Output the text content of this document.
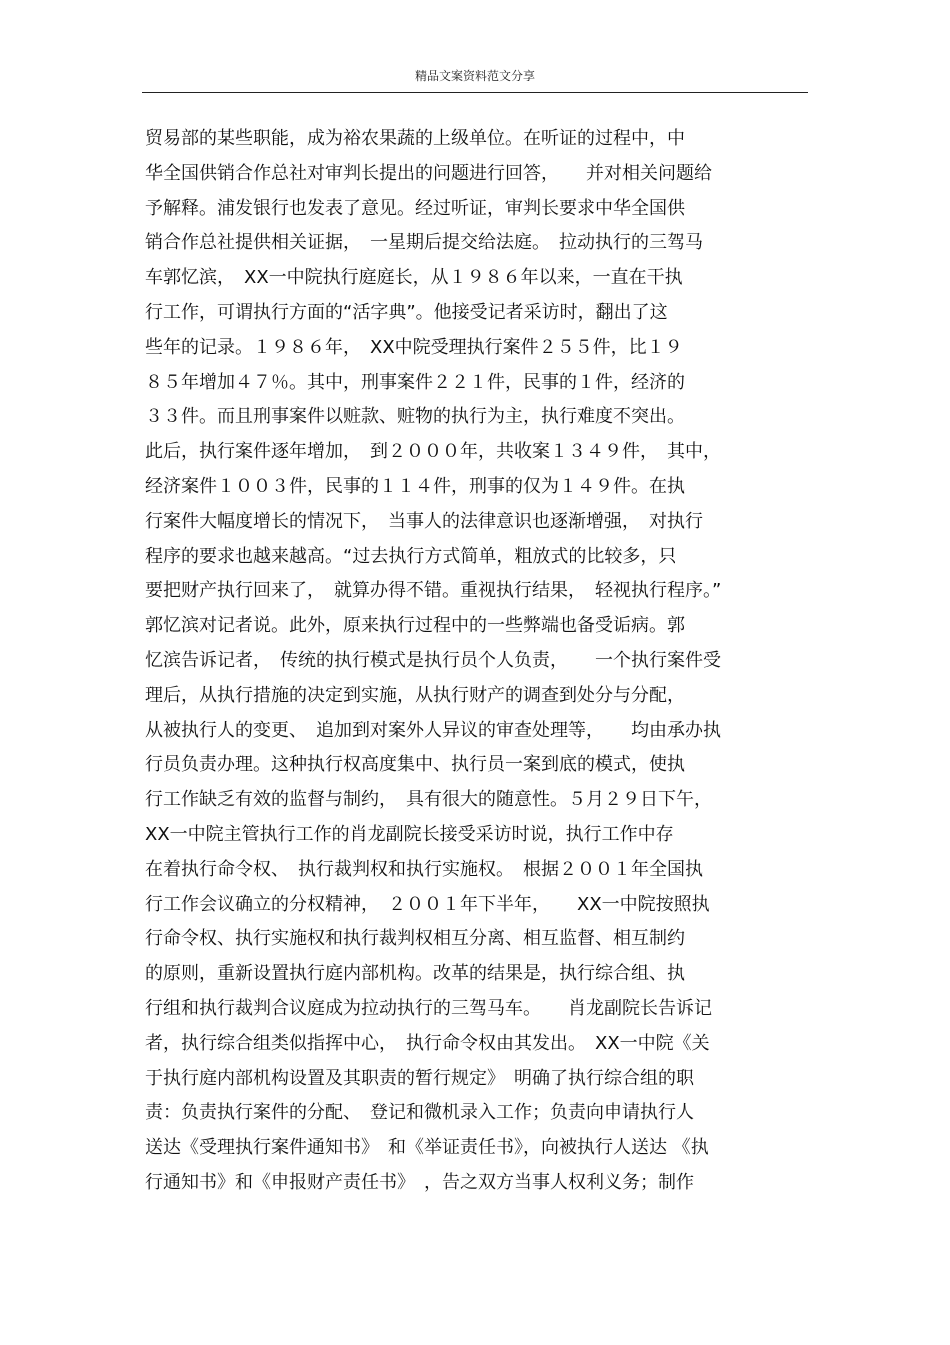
精品文案资料范文分享
贸易部的某些职能，成为裕农果蔬的上级单位。在听证的过程中，中
华全国供销合作总社对审判长提出的问题进行回答，　　并对相关问题给
予解释。浦发银行也发表了意见。经过听证，审判长要求中华全国供
销合作总社提供相关证据，　一星期后提交给法庭。　拉动执行的三驾马
车郭忆滨，　XX一中院执行庭庭长，从１９８６年以来，一直在干执
行工作，可谓执行方面的“活字典”。他接受记者采访时，翻出了这
些年的记录。１９８６年，　XX中院受理执行案件２５５件，比１９
８５年增加４７％。其中，刑事案件２２１件，民事的１件，经济的
３３件。而且刑事案件以赃款、赃物的执行为主，执行难度不突出。
此后，执行案件逐年增加，　到２０００年，共收案１３４９件，　其中，
经济案件１００３件，民事的１１４件，刑事的仅为１４９件。在执
行案件大幅度增长的情况下，　当事人的法律意识也逐渐增强，　对执行
程序的要求也越来越高。“过去执行方式简单，粗放式的比较多，只
要把财产执行回来了，　就算办得不错。重视执行结果，　轻视执行程序。”
郭忆滨对记者说。此外，原来执行过程中的一些弊端也备受诟病。郭
忆滨告诉记者，　传统的执行模式是执行员个人负责，　　一个执行案件受
理后，从执行措施的决定到实施，从执行财产的调查到处分与分配，
从被执行人的变更、　追加到对案外人异议的审查处理等，　　均由承办执
行员负责办理。这种执行权高度集中、执行员一案到底的模式，使执
行工作缺乏有效的监督与制约，　具有很大的随意性。５月２９日下午，
XX一中院主管执行工作的肖龙副院长接受采访时说，执行工作中存
在着执行命令权、　执行裁判权和执行实施权。　根据２００１年全国执
行工作会议确立的分权精神，　２００１年下半年，　　XX一中院按照执
行命令权、执行实施权和执行裁判权相互分离、相互监督、相互制约
的原则，重新设置执行庭内部机构。改革的结果是，执行综合组、执
行组和执行裁判合议庭成为拉动执行的三驾马车。　　肖龙副院长告诉记
者，执行综合组类似指挥中心，　执行命令权由其发出。　XX一中院《关
于执行庭内部机构设置及其职责的暂行规定》　明确了执行综合组的职
责：负责执行案件的分配、　登记和微机录入工作；负责向申请执行人
送达《受理执行案件通知书》　和《举证责任书》，向被执行人送达 《执
行通知书》和《申报财产责任书》　，告之双方当事人权利义务；制作
